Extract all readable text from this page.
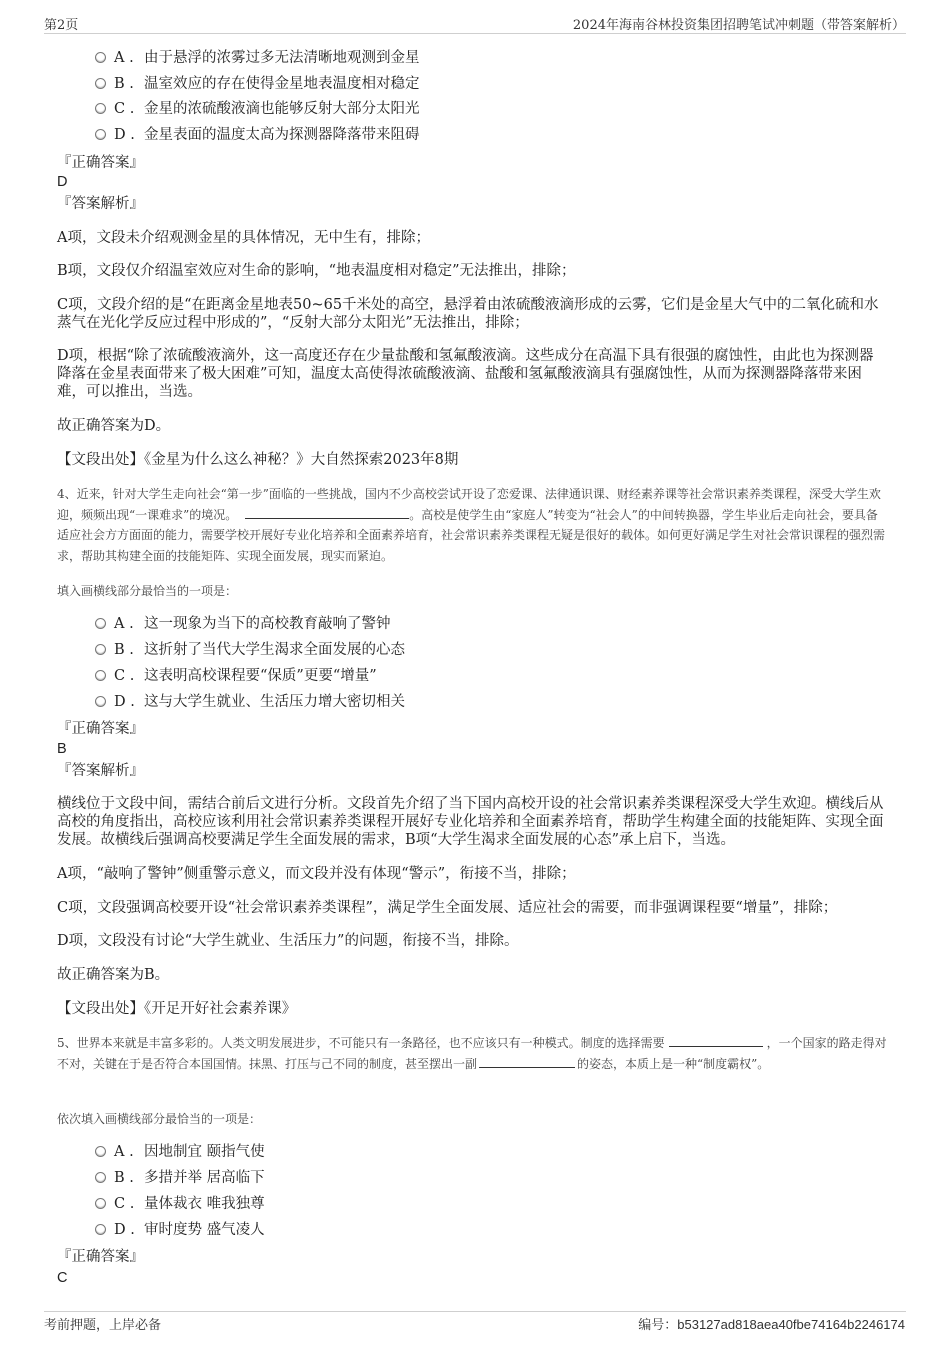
第2页	2024年海南谷林投资集团招聘笔试冲刺题（带答案解析）
A . 由于悬浮的浓雾过多无法清晰地观测到金星
B . 温室效应的存在使得金星地表温度相对稳定
C . 金星的浓硫酸液滴也能够反射大部分太阳光
D . 金星表面的温度太高为探测器降落带来阻碍
『正确答案』
D
『答案解析』
A项，文段未介绍观测金星的具体情况，无中生有，排除；
B项，文段仅介绍温室效应对生命的影响，“地表温度相对稳定”无法推出，排除；
C项，文段介绍的是“在距离金星地表50~65千米处的高空，悬浮着由浓硫酸液滴形成的云雾，它们是金星大气中的二氧化硫和水蒸气在光化学反应过程中形成的”，“反射大部分太阳光”无法推出，排除；
D项，根据“除了浓硫酸液滴外，这一高度还存在少量盐酸和氢氟酸液滴。这些成分在高温下具有很强的腐蚀性，由此也为探测器降落在金星表面带来了极大困难”可知，温度太高使得浓硫酸液滴、盐酸和氢氟酸液滴具有强腐蚀性，从而为探测器降落带来困难，可以推出，当选。
故正确答案为D。
【文段出处】《金星为什么这么神秘？》大自然探索2023年8期
4、近来，针对大学生走向社会“第一步”面临的一些挑战，国内不少高校尝试开设了恋爱课、法律通识课、财经素养课等社会常识素养类课程，深受大学生欢迎，频频出现“一课难求”的境况。	。高校是使学生由“家庭人”转变为“社会人”的中间转换器，学生毕业后走向社会，要具备适应社会方方面面的能力，需要学校开展好专业化培养和全面素养培育，社会常识素养类课程无疑是很好的载体。如何更好满足学生对社会常识课程的强烈需求，帮助其构建全面的技能矩阵、实现全面发展，现实而紧迫。
填入画横线部分最恰当的一项是：
A . 这一现象为当下的高校教育敲响了警钟
B . 这折射了当代大学生渴求全面发展的心态
C . 这表明高校课程要“保质”更要“增量”
D . 这与大学生就业、生活压力增大密切相关
『正确答案』
B
『答案解析』
横线位于文段中间，需结合前后文进行分析。文段首先介绍了当下国内高校开设的社会常识素养类课程深受大学生欢迎。横线后从高校的角度指出，高校应该利用社会常识素养类课程开展好专业化培养和全面素养培育，帮助学生构建全面的技能矩阵、实现全面发展。故横线后强调高校要满足学生全面发展的需求，B项“大学生渴求全面发展的心态”承上启下，当选。
A项，“敲响了警钟”侧重警示意义，而文段并没有体现“警示”，衔接不当，排除；
C项，文段强调高校要开设“社会常识素养类课程”，满足学生全面发展、适应社会的需要，而非强调课程要“增量”，排除；
D项，文段没有讨论“大学生就业、生活压力”的问题，衔接不当，排除。
故正确答案为B。
【文段出处】《开足开好社会素养课》
5、世界本来就是丰富多彩的。人类文明发展进步，不可能只有一条路径，也不应该只有一种模式。制度的选择需要	，一个国家的路走得对不对，关键在于是否符合本国国情。抹黑、打压与己不同的制度，甚至摆出一副	的姿态，本质上是一种“制度霸权”。
依次填入画横线部分最恰当的一项是：
A . 因地制宜 颐指气使
B . 多措并举 居高临下
C . 量体裁衣 唯我独尊
D . 审时度势 盛气凌人
『正确答案』
C
考前押题，上岸必备	编号：b53127ad818aea40fbe74164b2246174
